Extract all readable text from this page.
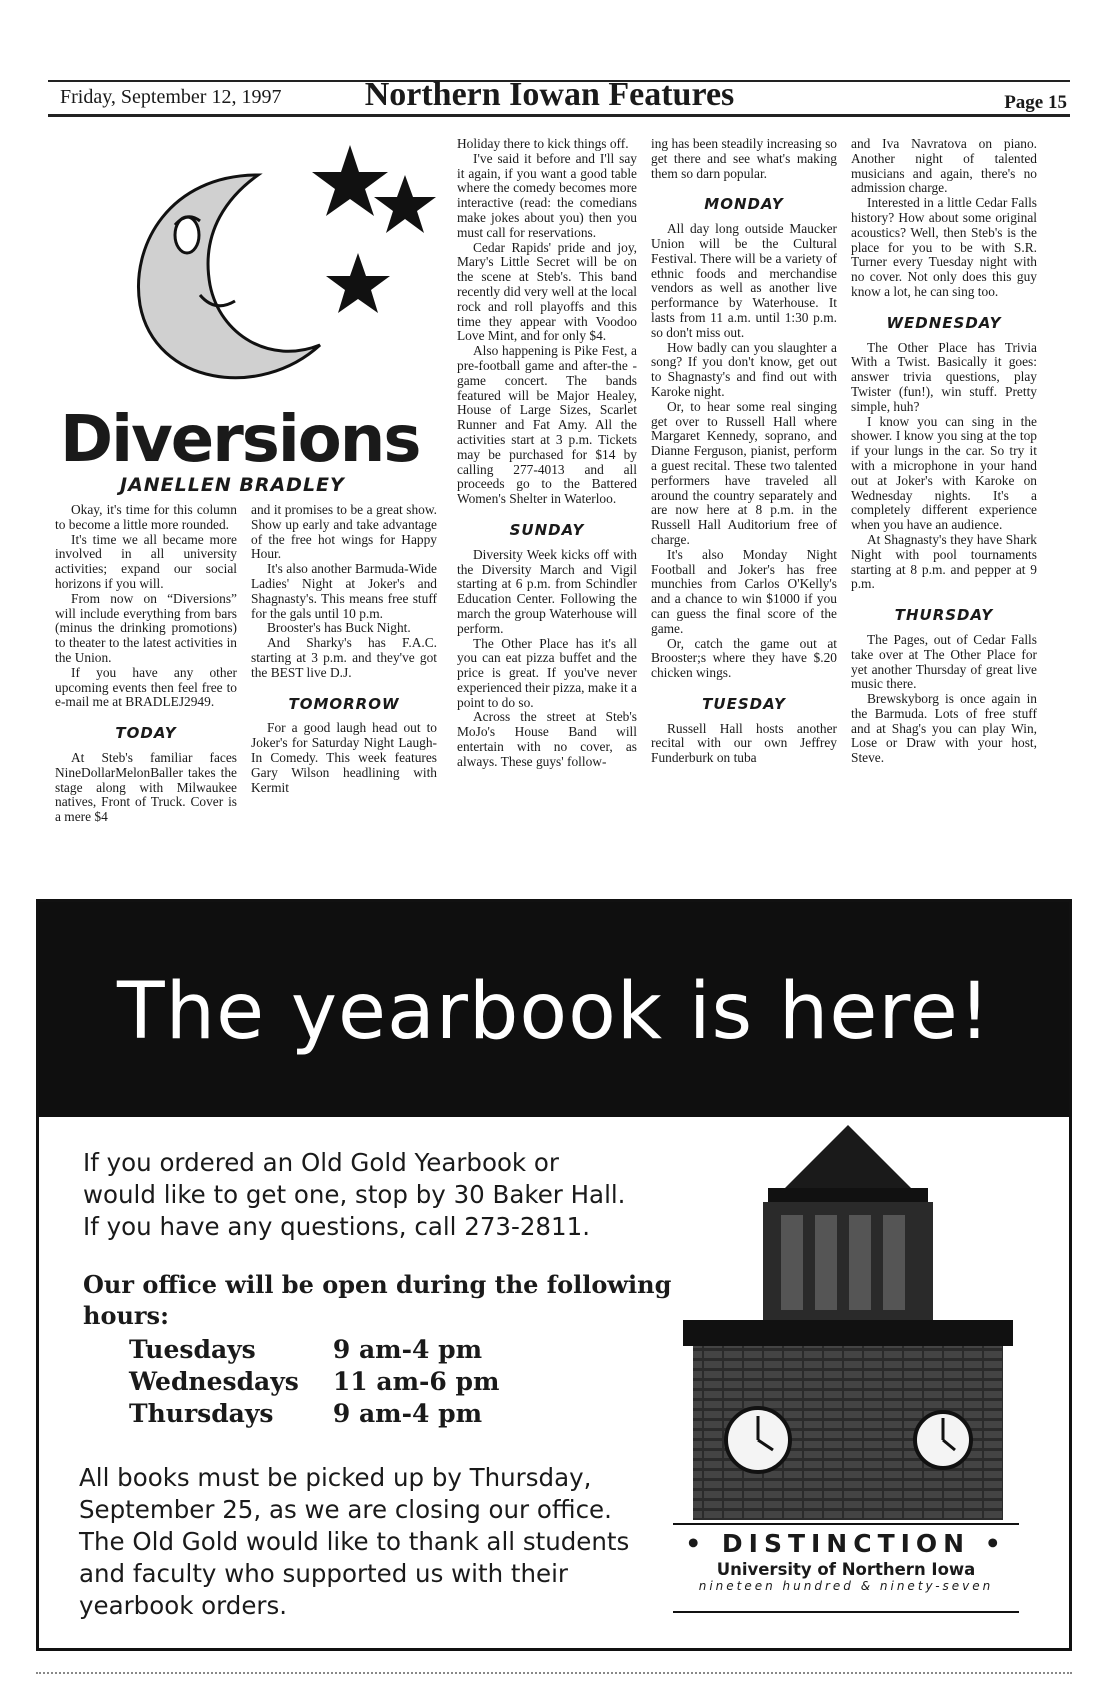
Friday, September 12, 1997	Northern Iowan Features	Page 15
Diversions
JANELLEN BRADLEY

Okay, it's time for this column to become a little more rounded.

It's time we all became more involved in all university activities; expand our social horizons if you will.

From now on “Diversions” will include everything from bars (minus the drinking promotions) to theater to the latest activities in the Union.

If you have any other upcoming events then feel free to e-mail me at BRADLEJ2949.

TODAY

At Steb's familiar faces NineDollarMelonBaller takes the stage along with Milwaukee natives, Front of Truck. Cover is a mere $4

and it promises to be a great show. Show up early and take advantage of the free hot wings for Happy Hour.

It's also another Barmuda-Wide Ladies' Night at Joker's and Shagnasty's. This means free stuff for the gals until 10 p.m.

Brooster's has Buck Night.

And Sharky's has F.A.C. starting at 3 p.m. and they've got the BEST live D.J.

TOMORROW

For a good laugh head out to Joker's for Saturday Night Laugh-In Comedy. This week features Gary Wilson headlining with Kermit

Holiday there to kick things off.

I've said it before and I'll say it again, if you want a good table where the comedy becomes more interactive (read: the comedians make jokes about you) then you must call for reservations.

Cedar Rapids' pride and joy, Mary's Little Secret will be on the scene at Steb's. This band recently did very well at the local rock and roll playoffs and this time they appear with Voodoo Love Mint, and for only $4.

Also happening is Pike Fest, a pre-football game and after-the -game concert. The bands featured will be Major Healey, House of Large Sizes, Scarlet Runner and Fat Amy. All the activities start at 3 p.m. Tickets may be purchased for $14 by calling 277-4013 and all proceeds go to the Battered Women's Shelter in Waterloo.

SUNDAY

Diversity Week kicks off with the Diversity March and Vigil starting at 6 p.m. from Schindler Education Center. Following the march the group Waterhouse will perform.

The Other Place has it's all you can eat pizza buffet and the price is great. If you've never experienced their pizza, make it a point to do so.

Across the street at Steb's MoJo's House Band will entertain with no cover, as always. These guys' follow-

ing has been steadily increasing so get there and see what's making them so darn popular.

MONDAY

All day long outside Maucker Union will be the Cultural Festival. There will be a variety of ethnic foods and merchandise vendors as well as another live performance by Waterhouse. It lasts from 11 a.m. until 1:30 p.m. so don't miss out.

How badly can you slaughter a song? If you don't know, get out to Shagnasty's and find out with Karoke night.

Or, to hear some real singing get over to Russell Hall where Margaret Kennedy, soprano, and Dianne Ferguson, pianist, perform a guest recital. These two talented performers have traveled all around the country separately and are now here at 8 p.m. in the Russell Hall Auditorium free of charge.

It's also Monday Night Football and Joker's has free munchies from Carlos O'Kelly's and a chance to win $1000 if you can guess the final score of the game.

Or, catch the game out at Brooster;s where they have $.20 chicken wings.

TUESDAY

Russell Hall hosts another recital with our own Jeffrey Funderburk on tuba

and Iva Navratova on piano. Another night of talented musicians and again, there's no admission charge.

Interested in a little Cedar Falls history? How about some original acoustics? Well, then Steb's is the place for you to be with S.R. Turner every Tuesday night with no cover. Not only does this guy know a lot, he can sing too.

WEDNESDAY

The Other Place has Trivia With a Twist. Basically it goes: answer trivia questions, play Twister (fun!), win stuff. Pretty simple, huh?

I know you can sing in the shower. I know you sing at the top if your lungs in the car. So try it with a microphone in your hand out at Joker's with Karoke on Wednesday nights. It's a completely different experience when you have an audience.

At Shagnasty's they have Shark Night with pool tournaments starting at 8 p.m. and pepper at 9 p.m.

THURSDAY

The Pages, out of Cedar Falls take over at The Other Place for yet another Thursday of great live music there.

Brewskyborg is once again in the Barmuda. Lots of free stuff and at Shag's you can play Win, Lose or Draw with your host, Steve.

The yearbook is here!
If you ordered an Old Gold Yearbook or
would like to get one, stop by 30 Baker Hall.
If you have any questions, call 273-2811.
Our office will be open during the following hours:
Tuesdays	9 am-4 pm
Wednesdays	11 am-6 pm
Thursdays	9 am-4 pm
All books must be picked up by Thursday,
September 25, as we are closing our office.
The Old Gold would like to thank all students
and faculty who supported us with their
yearbook orders.
• DISTINCTION •
University of Northern Iowa
nineteen hundred & ninety-seven
